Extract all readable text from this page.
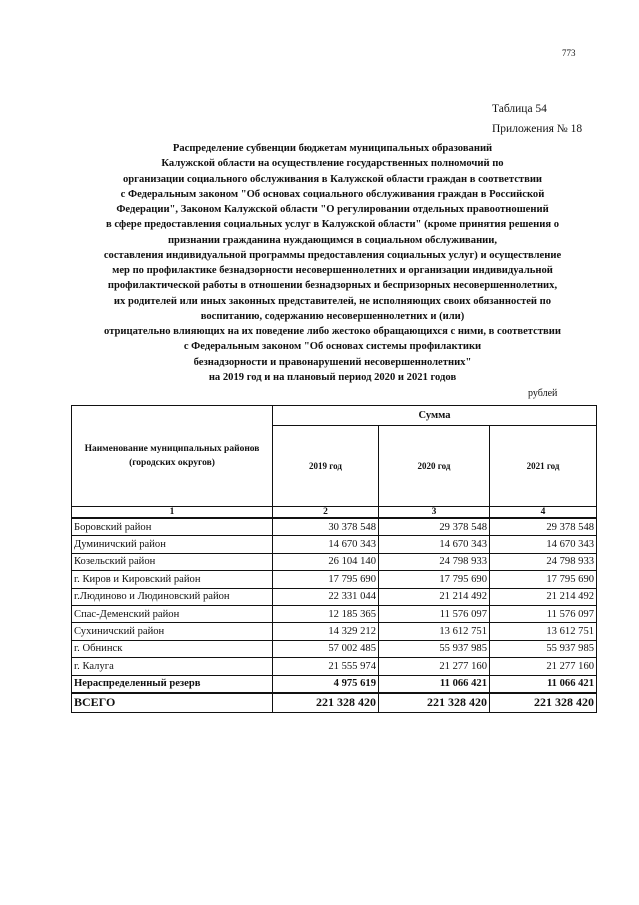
773
Таблица 54
Приложения № 18
Распределение субвенции бюджетам муниципальных образований
Калужской области на осуществление государственных полномочий по
организации социального обслуживания в Калужской области граждан в соответствии
с Федеральным законом "Об основах социального обслуживания граждан в Российской
Федерации", Законом Калужской области "О регулировании отдельных правоотношений
в сфере предоставления социальных услуг в Калужской области" (кроме принятия решения о
признании гражданина нуждающимся в социальном обслуживании,
составления индивидуальной программы предоставления социальных услуг) и осуществление
мер по профилактике безнадзорности несовершеннолетних и организации индивидуальной
профилактической работы в отношении безнадзорных и беспризорных несовершеннолетних,
их родителей или иных законных представителей, не исполняющих своих обязанностей по
воспитанию, содержанию несовершеннолетних и (или)
отрицательно влияющих на их поведение либо жестоко обращающихся с ними, в соответствии
с Федеральным законом "Об основах системы профилактики
безнадзорности и правонарушений несовершеннолетних"
на 2019 год и на плановый период 2020 и 2021 годов
рублей
Наименование муниципальных районов (городских округов)	Сумма		
	2019 год	2020 год	2021 год
1	2	3	4
Боровский район	30 378 548	29 378 548	29 378 548
Думиничский район	14 670 343	14 670 343	14 670 343
Козельский район	26 104 140	24 798 933	24 798 933
г. Киров и Кировский район	17 795 690	17 795 690	17 795 690
г.Людиново и Людиновский район	22 331 044	21 214 492	21 214 492
Спас-Деменский район	12 185 365	11 576 097	11 576 097
Сухиничский район	14 329 212	13 612 751	13 612 751
г. Обнинск	57 002 485	55 937 985	55 937 985
г. Калуга	21 555 974	21 277 160	21 277 160
Нераспределенный резерв	4 975 619	11 066 421	11 066 421
ВСЕГО	221 328 420	221 328 420	221 328 420
